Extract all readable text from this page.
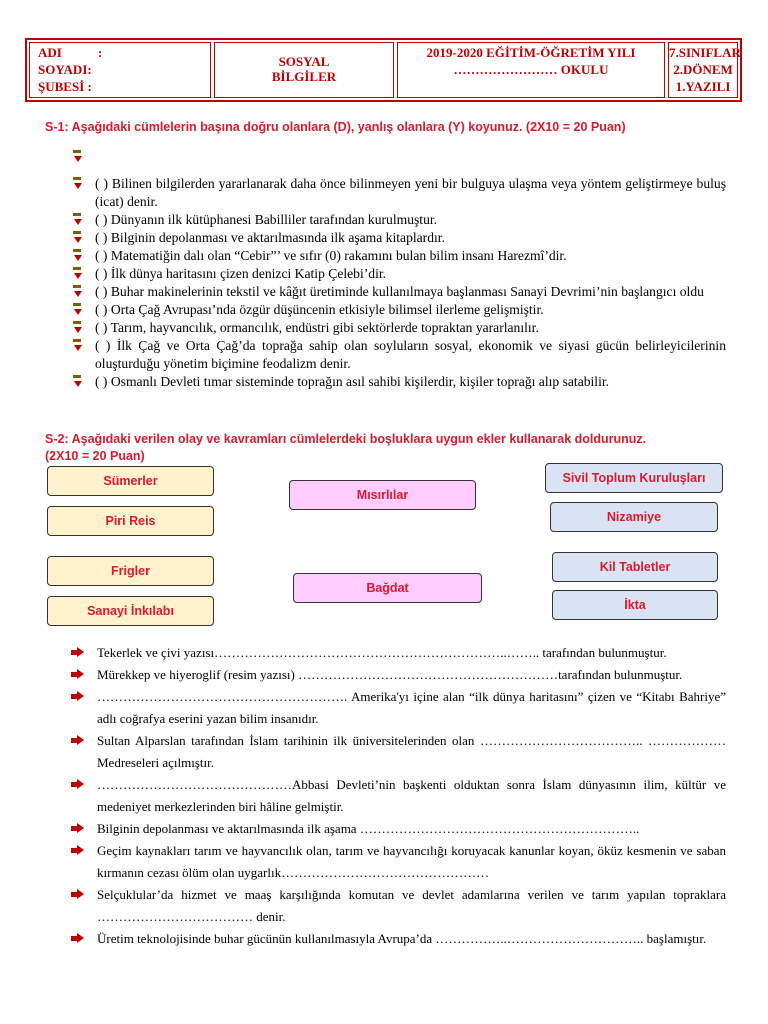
ADI	:
SOYADI:
ŞUBESİ :
SOSYAL
BİLGİLER
2019-2020 EĞİTİM-ÖĞRETİM YILI
…………………… OKULU
7.SINIFLAR
2.DÖNEM
1.YAZILI
S-1: Aşağıdaki cümlelerin başına doğru olanlara (D), yanlış olanlara (Y) koyunuz. (2X10 = 20 Puan)
( ) Bilinen bilgilerden yararlanarak daha önce bilinmeyen yeni bir bulguya ulaşma veya yöntem geliştirmeye buluş (icat) denir.
( ) Dünyanın ilk kütüphanesi Babilliler tarafından kurulmuştur.
( ) Bilginin depolanması ve aktarılmasında ilk aşama kitaplardır.
( ) Matematiğin dalı olan “Cebir”’ ve sıfır (0) rakamını bulan bilim insanı Harezmî’dir.
( ) İlk dünya haritasını çizen denizci Katip Çelebi’dir.
( ) Buhar makinelerinin tekstil ve kâğıt üretiminde kullanılmaya başlanması Sanayi Devrimi’nin başlangıcı oldu
( ) Orta Çağ Avrupası’nda özgür düşüncenin etkisiyle bilimsel ilerleme gelişmiştir.
( ) Tarım, hayvancılık, ormancılık, endüstri gibi sektörlerde topraktan yararlanılır.
( ) İlk Çağ ve Orta Çağ’da toprağa sahip olan soyluların sosyal, ekonomik ve siyasi gücün belirleyicilerinin oluşturduğu yönetim biçimine feodalizm denir.
( ) Osmanlı Devleti tımar sisteminde toprağın asıl sahibi kişilerdir, kişiler toprağı alıp satabilir.
S-2: Aşağıdaki verilen olay ve kavramları cümlelerdeki boşluklara uygun ekler kullanarak doldurunuz.
(2X10 = 20 Puan)
Sümerler
Piri Reis
Frigler
Sanayi İnkılabı
Mısırlılar
Bağdat
Sivil Toplum Kuruluşları
Nizamiye
Kil Tabletler
İkta
Tekerlek ve çivi yazısı…………………………………………………………..…….. tarafından bulunmuştur.
Mürekkep ve hiyeroglif (resim yazısı) ……………………………………………………tarafından bulunmuştur.
…………………………………………………. Amerika'yı içine alan “ilk dünya haritasını” çizen ve “Kitabı Bahriye” adlı coğrafya eserini yazan bilim insanıdır.
Sultan Alparslan tarafından İslam tarihinin ilk üniversitelerinden olan ……………………………….. ……………… Medreseleri açılmıştır.
………………………………………Abbasi Devleti’nin başkenti olduktan sonra İslam dünyasının ilim, kültür ve medeniyet merkezlerinden biri hâline gelmiştir.
Bilginin depolanması ve aktarılmasında ilk aşama ………………………………………………………..
Geçim kaynakları tarım ve hayvancılık olan, tarım ve hayvancılığı koruyacak kanunlar koyan, öküz kesmenin ve saban kırmanın cezası ölüm olan uygarlık…………………………………………
Selçuklular’da hizmet ve maaş karşılığında komutan ve devlet adamlarına verilen ve tarım yapılan topraklara ……………………………… denir.
Üretim teknolojisinde buhar gücünün kullanılmasıyla Avrupa’da ……………..………………………….. başlamıştır.
